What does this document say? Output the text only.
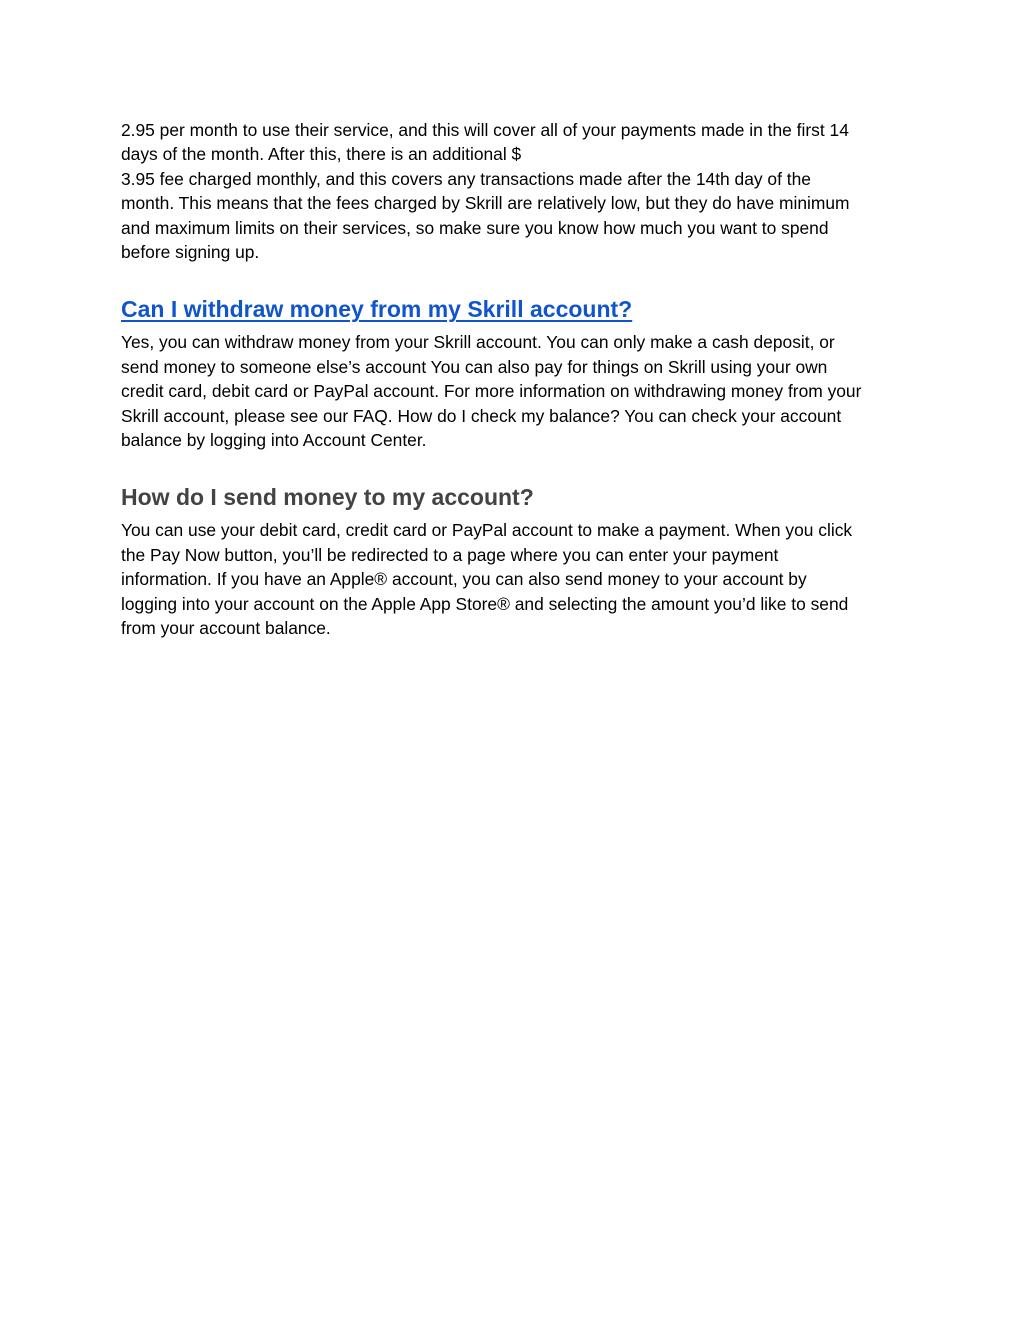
2.95 per month to use their service, and this will cover all of your payments made in the first 14
days of the month. After this, there is an additional $
3.95 fee charged monthly, and this covers any transactions made after the 14th day of the
month. This means that the fees charged by Skrill are relatively low, but they do have minimum
and maximum limits on their services, so make sure you know how much you want to spend
before signing up.

Can I withdraw money from my Skrill account?

Yes, you can withdraw money from your Skrill account. You can only make a cash deposit, or
send money to someone else’s account You can also pay for things on Skrill using your own
credit card, debit card or PayPal account. For more information on withdrawing money from your
Skrill account, please see our FAQ. How do I check my balance? You can check your account
balance by logging into Account Center.

How do I send money to my account?

You can use your debit card, credit card or PayPal account to make a payment. When you click
the Pay Now button, you’ll be redirected to a page where you can enter your payment
information. If you have an Apple® account, you can also send money to your account by
logging into your account on the Apple App Store® and selecting the amount you’d like to send
from your account balance.
